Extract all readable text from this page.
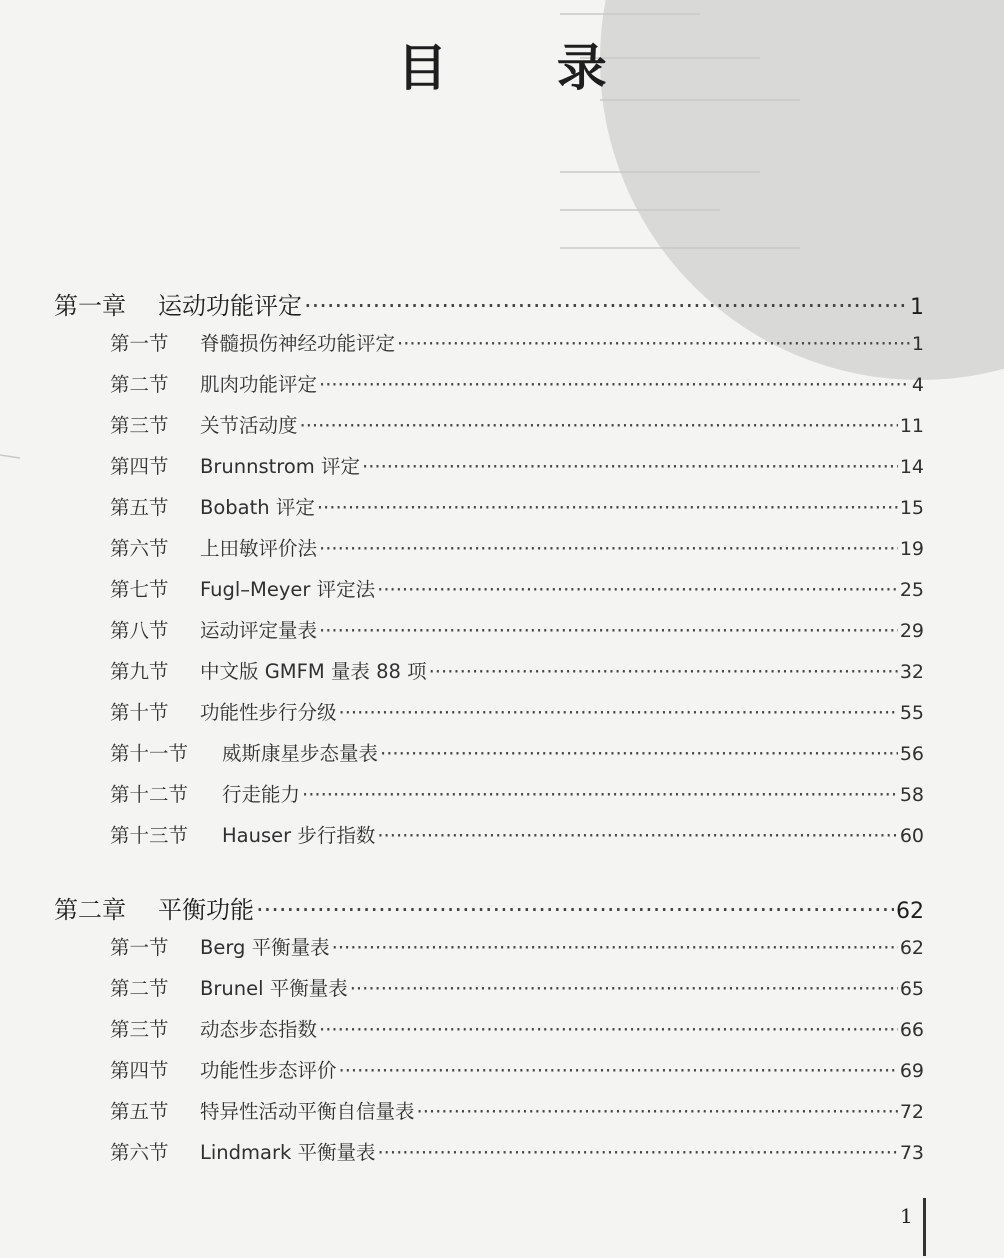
目 录
第一章	运动功能评定 ·····	1
第一节	脊髓损伤神经功能评定 ·····	1
第二节	肌肉功能评定 ·····	4
第三节	关节活动度 ·····	11
第四节	Brunnstrom 评定 ·····	14
第五节	Bobath 评定 ·····	15
第六节	上田敏评价法 ·····	19
第七节	Fugl–Meyer 评定法 ·····	25
第八节	运动评定量表 ·····	29
第九节	中文版 GMFM 量表 88 项 ·····	32
第十节	功能性步行分级 ·····	55
第十一节	威斯康星步态量表 ·····	56
第十二节	行走能力 ·····	58
第十三节	Hauser 步行指数 ·····	60
第二章	平衡功能 ·····	62
第一节	Berg 平衡量表 ·····	62
第二节	Brunel 平衡量表 ·····	65
第三节	动态步态指数 ·····	66
第四节	功能性步态评价 ·····	69
第五节	特异性活动平衡自信量表 ·····	72
第六节	Lindmark 平衡量表 ·····	73
1
